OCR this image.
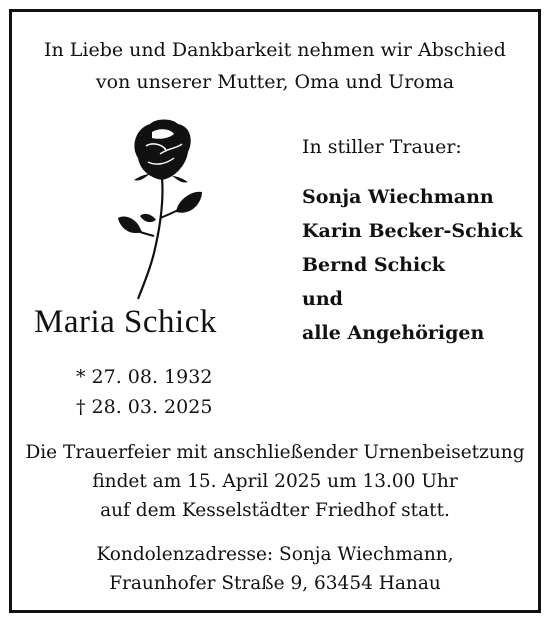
In Liebe und Dankbarkeit nehmen wir Abschied
von unserer Mutter, Oma und Uroma
Maria Schick
* 27. 08. 1932
† 28. 03. 2025
In stiller Trauer:
Sonja Wiechmann
Karin Becker-Schick
Bernd Schick
und
alle Angehörigen
Die Trauerfeier mit anschließender Urnenbeisetzung
findet am 15. April 2025 um 13.00 Uhr
auf dem Kesselstädter Friedhof statt.
Kondolenzadresse: Sonja Wiechmann,
Fraunhofer Straße 9, 63454 Hanau
